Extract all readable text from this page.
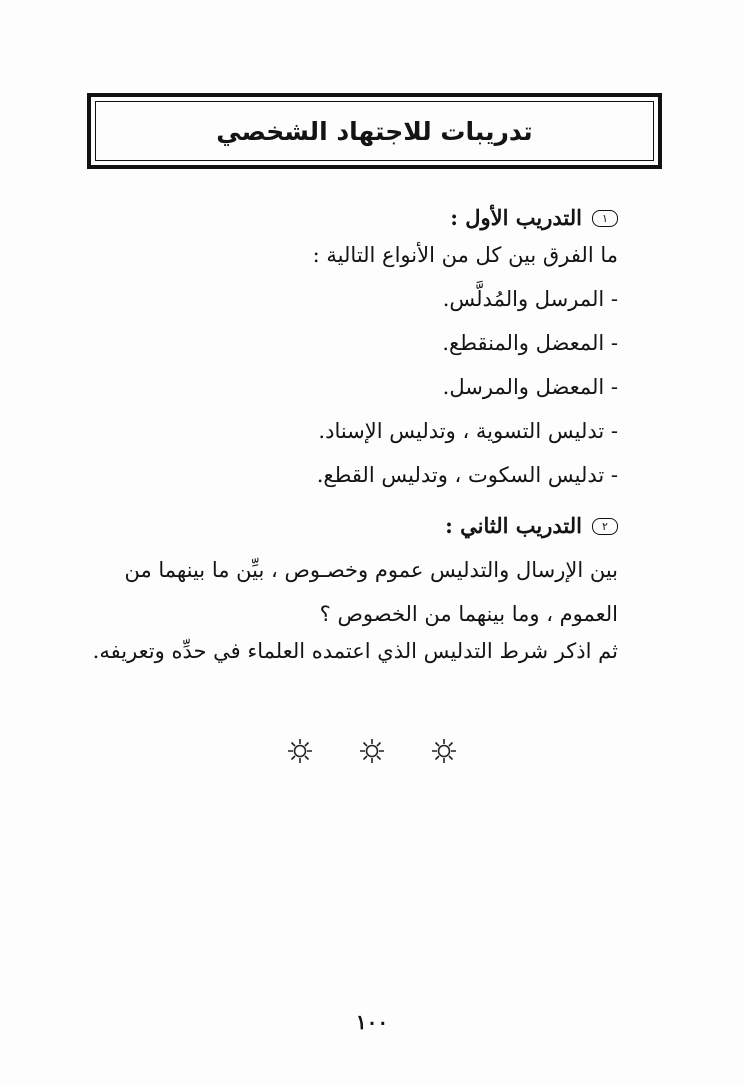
تدريبات للاجتهاد الشخصي
١
التدريب الأول :
ما الفرق بين كل من الأنواع التالية :
- المرسل والمُدلَّس.
- المعضل والمنقطع.
- المعضل والمرسل.
- تدليس التسوية ، وتدليس الإسناد.
- تدليس السكوت ، وتدليس القطع.
٢
التدريب الثاني :
بين الإرسال والتدليس عموم وخصـوص ، بيِّن ما بينهما من العموم ، وما بينهما من الخصوص ؟
ثم اذكر شرط التدليس الذي اعتمده العلماء في حدِّه وتعريفه.
١٠٠
